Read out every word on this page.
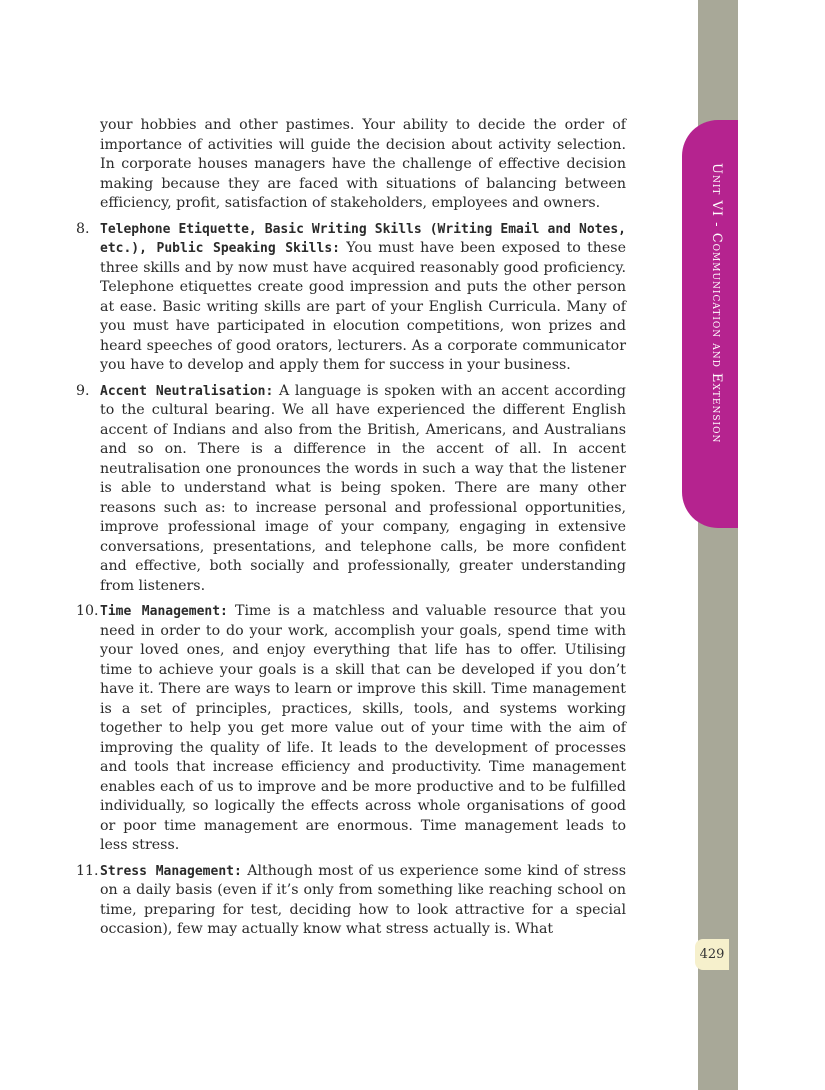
Unit VI - Communication and Extension
429

your hobbies and other pastimes. Your ability to decide the order of importance of activities will guide the decision about activity selection. In corporate houses managers have the challenge of effective decision making because they are faced with situations of balancing between efficiency, profit, satisfaction of stakeholders, employees and owners.

8. Telephone Etiquette, Basic Writing Skills (Writing Email and Notes, etc.), Public Speaking Skills: You must have been exposed to these three skills and by now must have acquired reasonably good proficiency. Telephone etiquettes create good impression and puts the other person at ease. Basic writing skills are part of your English Curricula. Many of you must have participated in elocution competitions, won prizes and heard speeches of good orators, lecturers. As a corporate communicator you have to develop and apply them for success in your business.

9. Accent Neutralisation: A language is spoken with an accent according to the cultural bearing. We all have experienced the different English accent of Indians and also from the British, Americans, and Australians and so on. There is a difference in the accent of all. In accent neutralisation one pronounces the words in such a way that the listener is able to understand what is being spoken. There are many other reasons such as: to increase personal and professional opportunities, improve professional image of your company, engaging in extensive conversations, presentations, and telephone calls, be more confident and effective, both socially and professionally, greater understanding from listeners.

10. Time Management: Time is a matchless and valuable resource that you need in order to do your work, accomplish your goals, spend time with your loved ones, and enjoy everything that life has to offer. Utilising time to achieve your goals is a skill that can be developed if you don’t have it. There are ways to learn or improve this skill. Time management is a set of principles, practices, skills, tools, and systems working together to help you get more value out of your time with the aim of improving the quality of life. It leads to the development of processes and tools that increase efficiency and productivity. Time management enables each of us to improve and be more productive and to be fulfilled individually, so logically the effects across whole organisations of good or poor time management are enormous. Time management leads to less stress.

11. Stress Management: Although most of us experience some kind of stress on a daily basis (even if it’s only from something like reaching school on time, preparing for test, deciding how to look attractive for a special occasion), few may actually know what stress actually is. What
